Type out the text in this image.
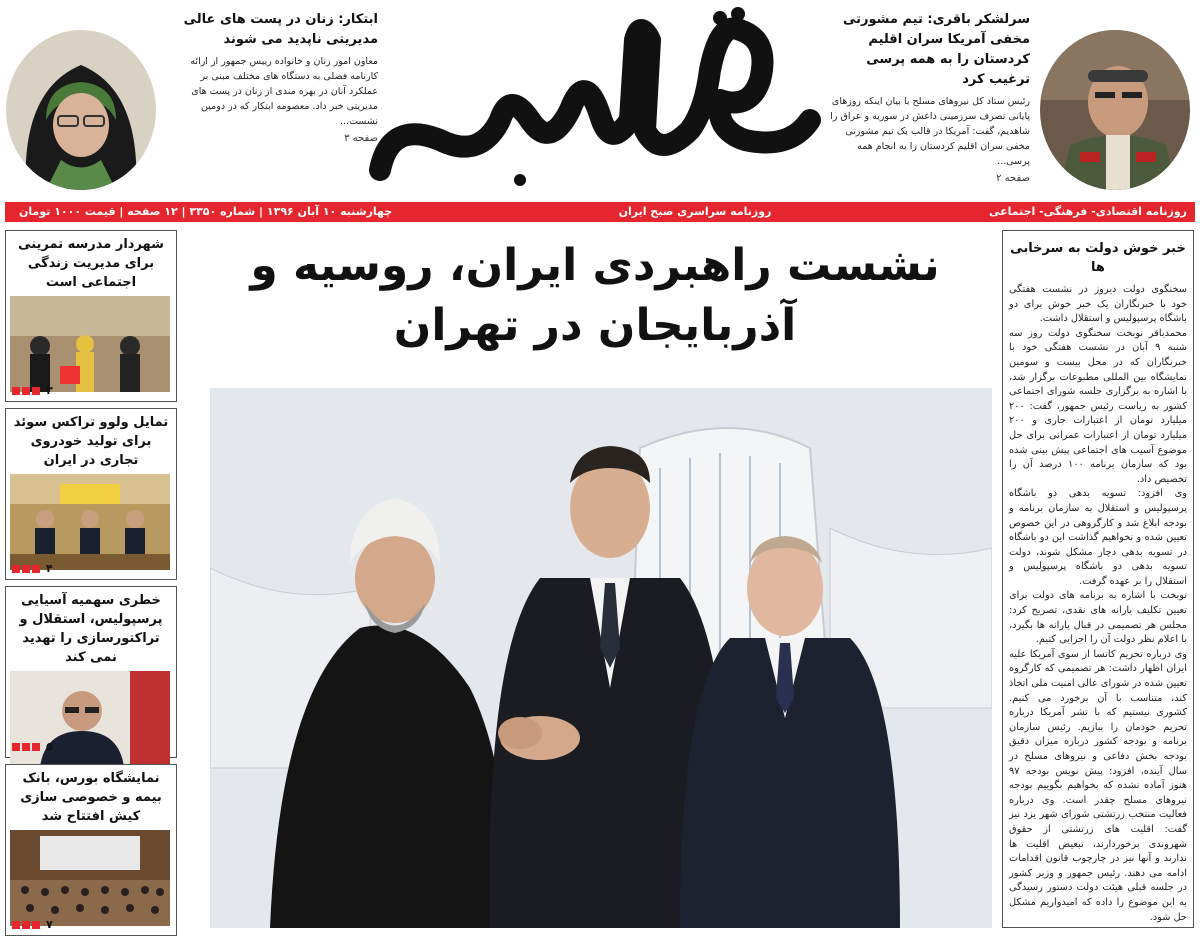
سرلشکر باقری: تیم مشورتی مخفی آمریکا سران اقلیم کردستان را به همه پرسی ترغیب کرد

رئیس ستاد کل نیروهای مسلح با بیان اینکه روزهای پایانی تصرف سرزمینی داعش در سوریه و عراق را شاهدیم، گفت: آمریکا در قالب یک تیم مشورتی مخفی سران اقلیم کردستان را به انجام همه پرسی...

صفحه ۲
ابتکار: زنان در پست های عالی مدیریتی ناپدید می شوند

معاون امور زنان و خانواده رییس جمهور از ارائه کارنامه فصلی به دستگاه های مختلف مبنی بر عملکرد آنان در بهره مندی از زنان در پست های مدیریتی خبر داد. معصومه ابتکار که در دومین نشست...

صفحه ۳
روزنامه اقتصادی- فرهنگی- اجتماعی
روزنامه سراسری صبح ایران
چهارشنبه ۱۰ آبان ۱۳۹۶ | شماره ۳۳۵۰ | ۱۲ صفحه | قیمت ۱۰۰۰ تومان
شهردار مدرسه تمرینی برای مدیریت زندگی اجتماعی است
۳
تمایل ولوو تراکس سوئد برای تولید خودروی تجاری در ایران
۴
خطری سهمیه آسیایی پرسپولیس، استقلال و تراکتورسازی را تهدید نمی کند
۵
نمایشگاه بورس، بانک بیمه و خصوصی سازی کیش افتتاح شد
۷
نشست راهبردی ایران، روسیه و
آذربایجان در تهران
خبر خوش دولت به سرخابی ها

سخنگوی دولت دیروز در نشست هفتگی خود با خبرنگاران یک خبر خوش برای دو باشگاه پرسپولیس و استقلال داشت.

محمدباقر نوبخت سخنگوی دولت روز سه شنبه ۹ آبان در نشست هفتگی خود با خبرنگاران که در محل بیست و سومین نمایشگاه بین المللی مطبوعات برگزار شد، با اشاره به برگزاری جلسه شورای اجتماعی کشور به ریاست رئیس جمهور، گفت: ۲۰۰ میلیارد تومان از اعتبارات جاری و ۲۰۰ میلیارد تومان از اعتبارات عمرانی برای حل موضوع آسیب های اجتماعی پیش بینی شده بود که سازمان برنامه ۱۰۰ درصد آن را تخصیص داد.

وی افزود: تسویه بدهی دو باشگاه پرسپولیس و استقلال به سازمان برنامه و بودجه ابلاغ شد و کارگروهی در این خصوص تعیین شده و نخواهیم گذاشت این دو باشگاه در تسویه بدهی دچار مشکل شوند، دولت تسویه بدهی دو باشگاه پرسپولیس و استقلال را بر عهده گرفت.

نوبخت با اشاره به برنامه های دولت برای تعیین تکلیف یارانه های نقدی، تصریح کرد: مجلس هر تصمیمی در قبال یارانه ها بگیرد، با اعلام نظر دولت آن را اجرایی کنیم.

وی درباره تحریم کاتسا از سوی آمریکا علیه ایران اظهار داشت: هر تصمیمی که کارگروه تعیین شده در شورای عالی امنیت ملی اتخاذ کند، متناسب با آن برخورد می کنیم. کشوری نیستیم که با تشر آمریکا درباره تحریم خودمان را ببازیم. رئیس سازمان برنامه و بودجه کشور درباره میزان دقیق بودجه بخش دفاعی و نیروهای مسلح در سال آینده، افزود: پیش نویس بودجه ۹۷ هنوز آماده نشده که بخواهیم بگوییم بودجه نیروهای مسلح چقدر است. وی درباره فعالیت منتخب زرتشتی شورای شهر یزد نیز گفت: اقلیت های زرتشتی از حقوق شهروندی برخوردارند، تبعیض اقلیت ها ندارند و آنها نیز در چارچوب قانون اقدامات ادامه می دهند. رئیس جمهور و وزیر کشور در جلسه قبلی هیئت دولت دستور رسیدگی به این موضوع را داده که امیدواریم مشکل حل شود.
